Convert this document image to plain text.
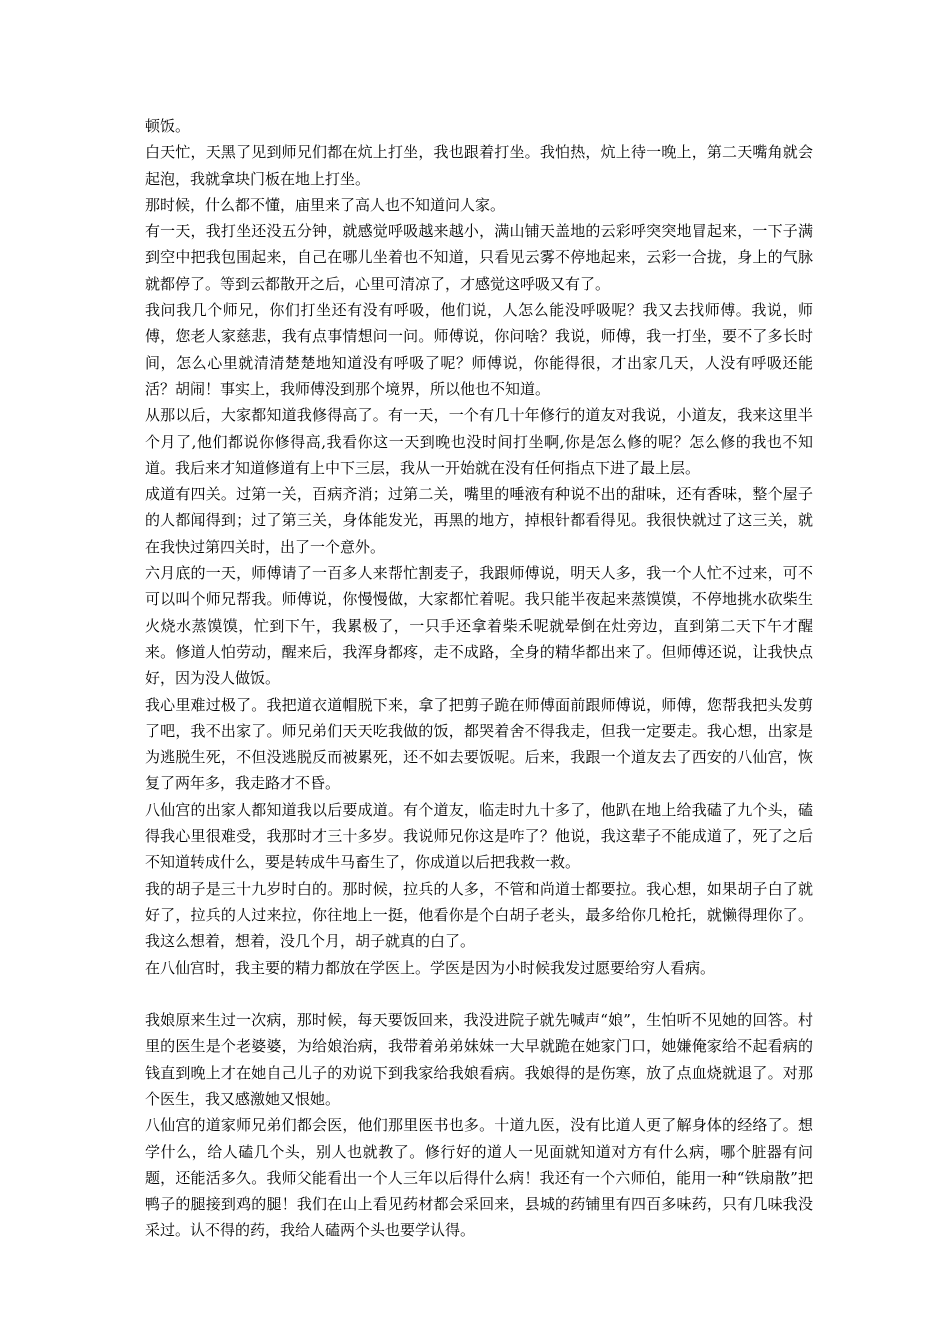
顿饭。

白天忙，天黑了见到师兄们都在炕上打坐，我也跟着打坐。我怕热，炕上待一晚上，第二天嘴角就会起泡，我就拿块门板在地上打坐。

那时候，什么都不懂，庙里来了高人也不知道问人家。

有一天，我打坐还没五分钟，就感觉呼吸越来越小，满山铺天盖地的云彩呼突突地冒起来，一下子满到空中把我包围起来，自己在哪儿坐着也不知道，只看见云雾不停地起来，云彩一合拢，身上的气脉就都停了。等到云都散开之后，心里可清凉了，才感觉这呼吸又有了。

我问我几个师兄，你们打坐还有没有呼吸，他们说，人怎么能没呼吸呢？我又去找师傅。我说，师傅，您老人家慈悲，我有点事情想问一问。师傅说，你问啥？我说，师傅，我一打坐，要不了多长时间，怎么心里就清清楚楚地知道没有呼吸了呢？师傅说，你能得很，才出家几天，人没有呼吸还能活？胡闹！事实上，我师傅没到那个境界，所以他也不知道。

从那以后，大家都知道我修得高了。有一天，一个有几十年修行的道友对我说，小道友，我来这里半个月了,他们都说你修得高,我看你这一天到晚也没时间打坐啊,你是怎么修的呢？怎么修的我也不知道。我后来才知道修道有上中下三层，我从一开始就在没有任何指点下进了最上层。

成道有四关。过第一关，百病齐消；过第二关，嘴里的唾液有种说不出的甜味，还有香味，整个屋子的人都闻得到；过了第三关，身体能发光，再黑的地方，掉根针都看得见。我很快就过了这三关，就在我快过第四关时，出了一个意外。

六月底的一天，师傅请了一百多人来帮忙割麦子，我跟师傅说，明天人多，我一个人忙不过来，可不可以叫个师兄帮我。师傅说，你慢慢做，大家都忙着呢。我只能半夜起来蒸馍馍，不停地挑水砍柴生火烧水蒸馍馍，忙到下午，我累极了，一只手还拿着柴禾呢就晕倒在灶旁边，直到第二天下午才醒来。修道人怕劳动，醒来后，我浑身都疼，走不成路，全身的精华都出来了。但师傅还说，让我快点好，因为没人做饭。

我心里难过极了。我把道衣道帽脱下来，拿了把剪子跪在师傅面前跟师傅说，师傅，您帮我把头发剪了吧，我不出家了。师兄弟们天天吃我做的饭，都哭着舍不得我走，但我一定要走。我心想，出家是为逃脱生死，不但没逃脱反而被累死，还不如去要饭呢。后来，我跟一个道友去了西安的八仙宫，恢复了两年多，我走路才不昏。

八仙宫的出家人都知道我以后要成道。有个道友，临走时九十多了，他趴在地上给我磕了九个头，磕得我心里很难受，我那时才三十多岁。我说师兄你这是咋了？他说，我这辈子不能成道了，死了之后不知道转成什么，要是转成牛马畜生了，你成道以后把我救一救。

我的胡子是三十九岁时白的。那时候，拉兵的人多，不管和尚道士都要拉。我心想，如果胡子白了就好了，拉兵的人过来拉，你往地上一挺，他看你是个白胡子老头，最多给你几枪托，就懒得理你了。我这么想着，想着，没几个月，胡子就真的白了。

在八仙宫时，我主要的精力都放在学医上。学医是因为小时候我发过愿要给穷人看病。

我娘原来生过一次病，那时候，每天要饭回来，我没进院子就先喊声“娘”，生怕听不见她的回答。村里的医生是个老婆婆，为给娘治病，我带着弟弟妹妹一大早就跪在她家门口，她嫌俺家给不起看病的钱直到晚上才在她自己儿子的劝说下到我家给我娘看病。我娘得的是伤寒，放了点血烧就退了。对那个医生，我又感激她又恨她。

八仙宫的道家师兄弟们都会医，他们那里医书也多。十道九医，没有比道人更了解身体的经络了。想学什么，给人磕几个头，别人也就教了。修行好的道人一见面就知道对方有什么病，哪个脏器有问题，还能活多久。我师父能看出一个人三年以后得什么病！我还有一个六师伯，能用一种“铁扇散”把鸭子的腿接到鸡的腿！我们在山上看见药材都会采回来，县城的药铺里有四百多味药，只有几味我没采过。认不得的药，我给人磕两个头也要学认得。
